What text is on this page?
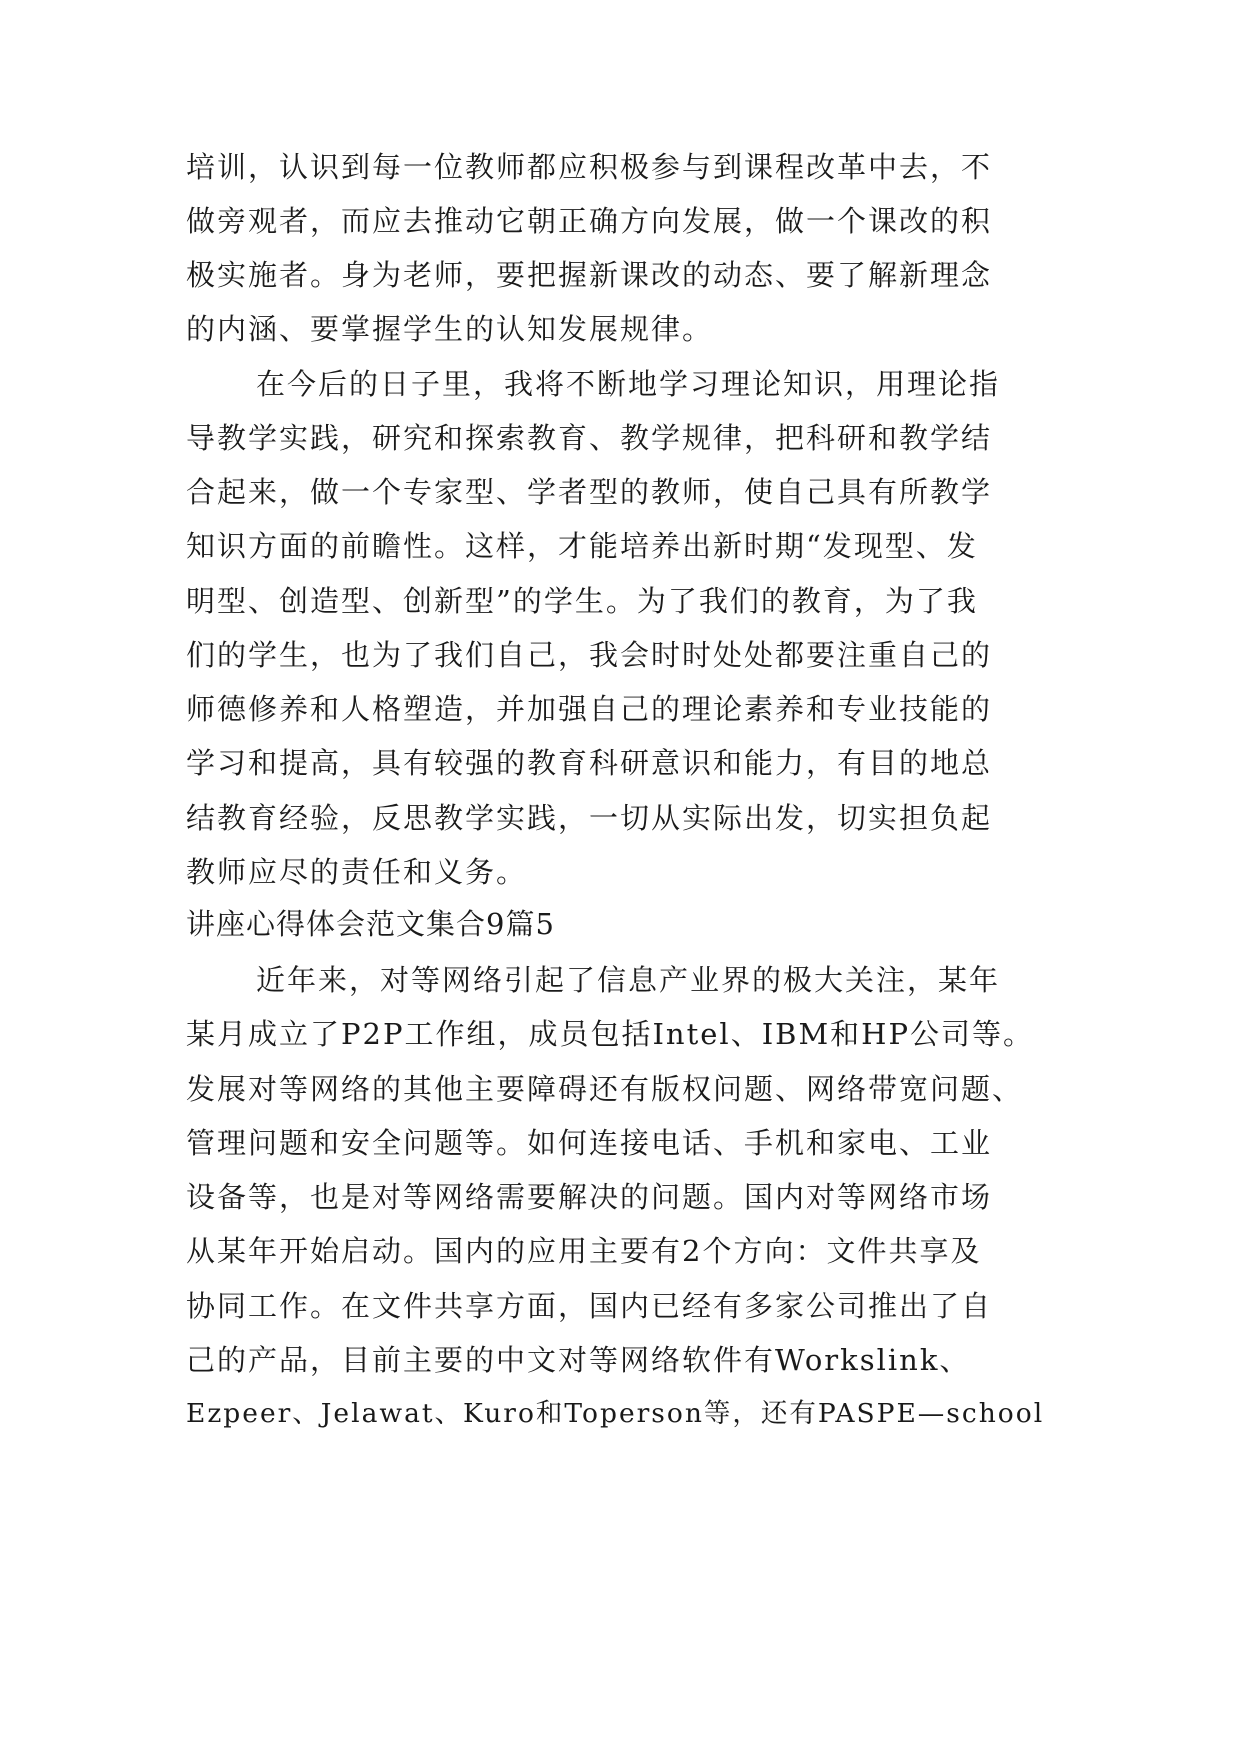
培训，认识到每一位教师都应积极参与到课程改革中去，不
做旁观者，而应去推动它朝正确方向发展，做一个课改的积
极实施者。身为老师，要把握新课改的动态、要了解新理念
的内涵、要掌握学生的认知发展规律。
在今后的日子里，我将不断地学习理论知识，用理论指
导教学实践，研究和探索教育、教学规律，把科研和教学结
合起来，做一个专家型、学者型的教师，使自己具有所教学
知识方面的前瞻性。这样，才能培养出新时期“发现型、发
明型、创造型、创新型”的学生。为了我们的教育，为了我
们的学生，也为了我们自己，我会时时处处都要注重自己的
师德修养和人格塑造，并加强自己的理论素养和专业技能的
学习和提高，具有较强的教育科研意识和能力，有目的地总
结教育经验，反思教学实践，一切从实际出发，切实担负起
教师应尽的责任和义务。
讲座心得体会范文集合9篇5
近年来，对等网络引起了信息产业界的极大关注，某年
某月成立了P2P工作组，成员包括Intel、IBM和HP公司等。
发展对等网络的其他主要障碍还有版权问题、网络带宽问题、
管理问题和安全问题等。如何连接电话、手机和家电、工业
设备等，也是对等网络需要解决的问题。国内对等网络市场
从某年开始启动。国内的应用主要有2个方向：文件共享及
协同工作。在文件共享方面，国内已经有多家公司推出了自
己的产品，目前主要的中文对等网络软件有Workslink、
Ezpeer、Jelawat、Kuro和Toperson等，还有PASPE—school
